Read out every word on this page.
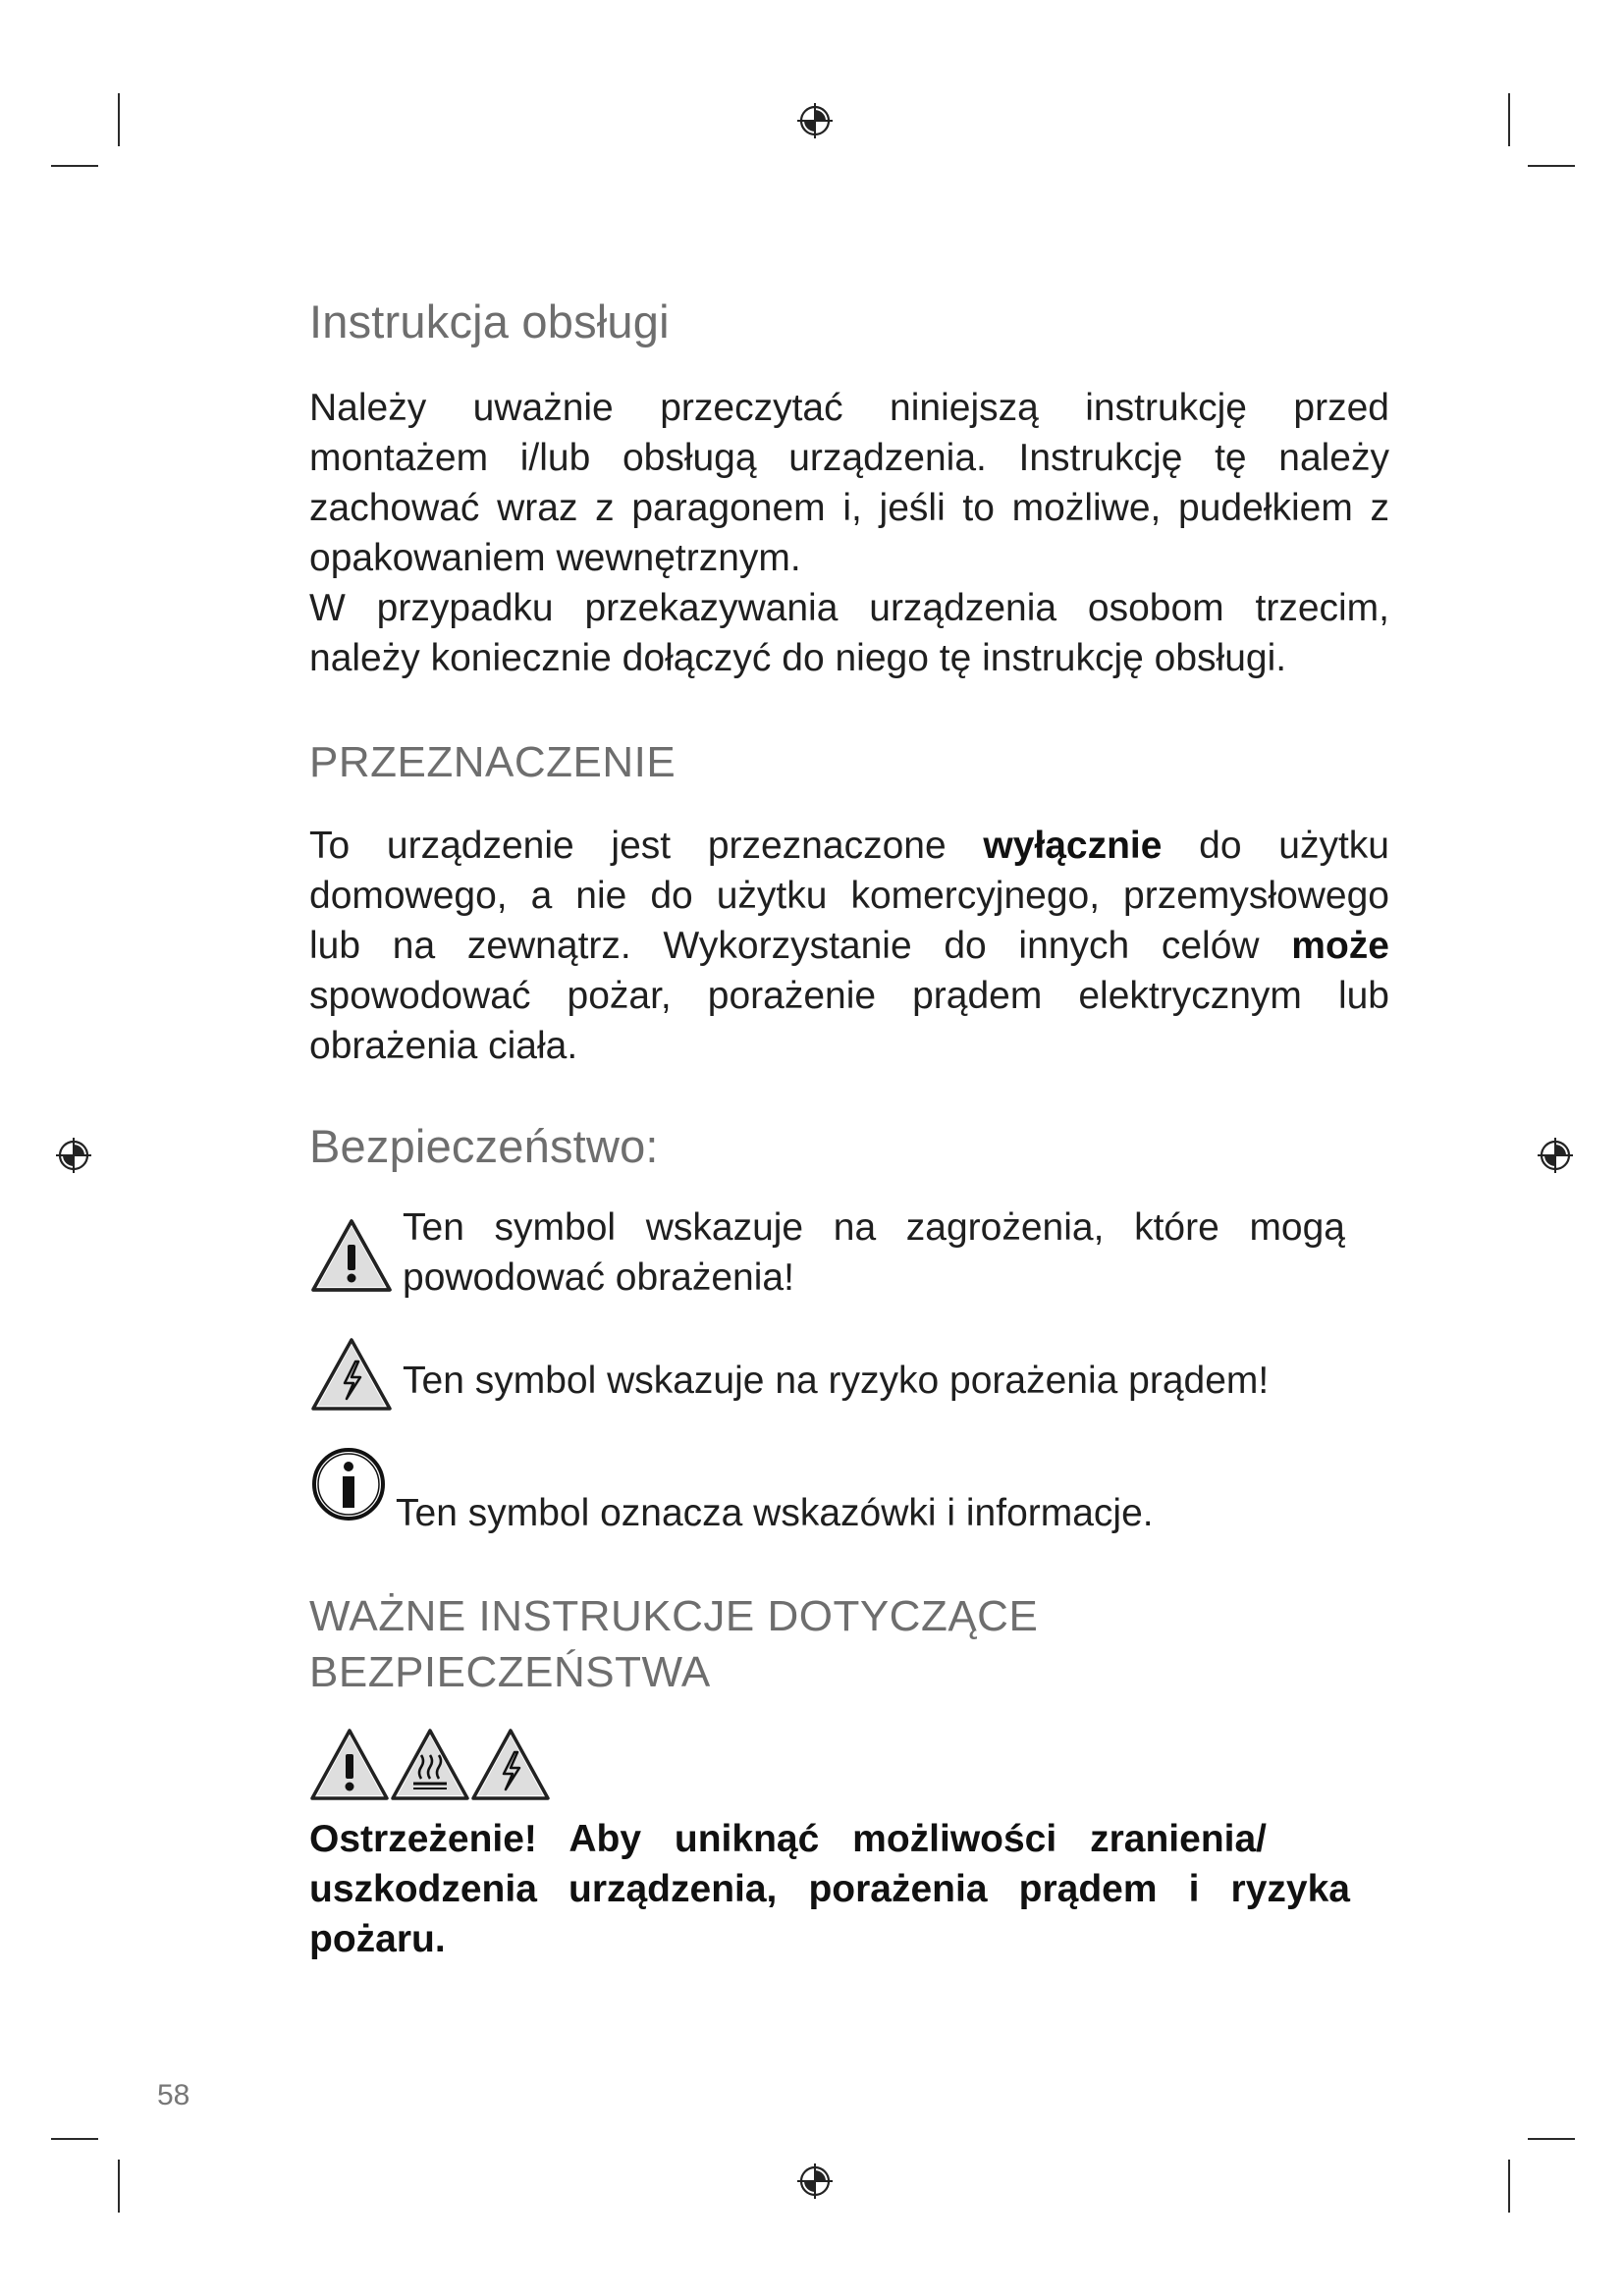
Instrukcja obsługi
Należy uważnie przeczytać niniejszą instrukcję przed
montażem i/lub obsługą urządzenia. Instrukcję tę należy
zachować wraz z paragonem i, jeśli to możliwe, pudełkiem z
opakowaniem wewnętrznym.
W przypadku przekazywania urządzenia osobom trzecim,
należy koniecznie dołączyć do niego tę instrukcję obsługi.
PRZEZNACZENIE
To urządzenie jest przeznaczone wyłącznie do użytku
domowego, a nie do użytku komercyjnego, przemysłowego
lub na zewnątrz. Wykorzystanie do innych celów może
spowodować pożar, porażenie prądem elektrycznym lub
obrażenia ciała.
Bezpieczeństwo:
Ten symbol wskazuje na zagrożenia, które mogą
powodować obrażenia!
Ten symbol wskazuje na ryzyko porażenia prądem!
Ten symbol oznacza wskazówki i informacje.
WAŻNE INSTRUKCJE DOTYCZĄCE
BEZPIECZEŃSTWA
Ostrzeżenie! Aby uniknąć możliwości zranienia/
uszkodzenia urządzenia, porażenia prądem i ryzyka
pożaru.
58
